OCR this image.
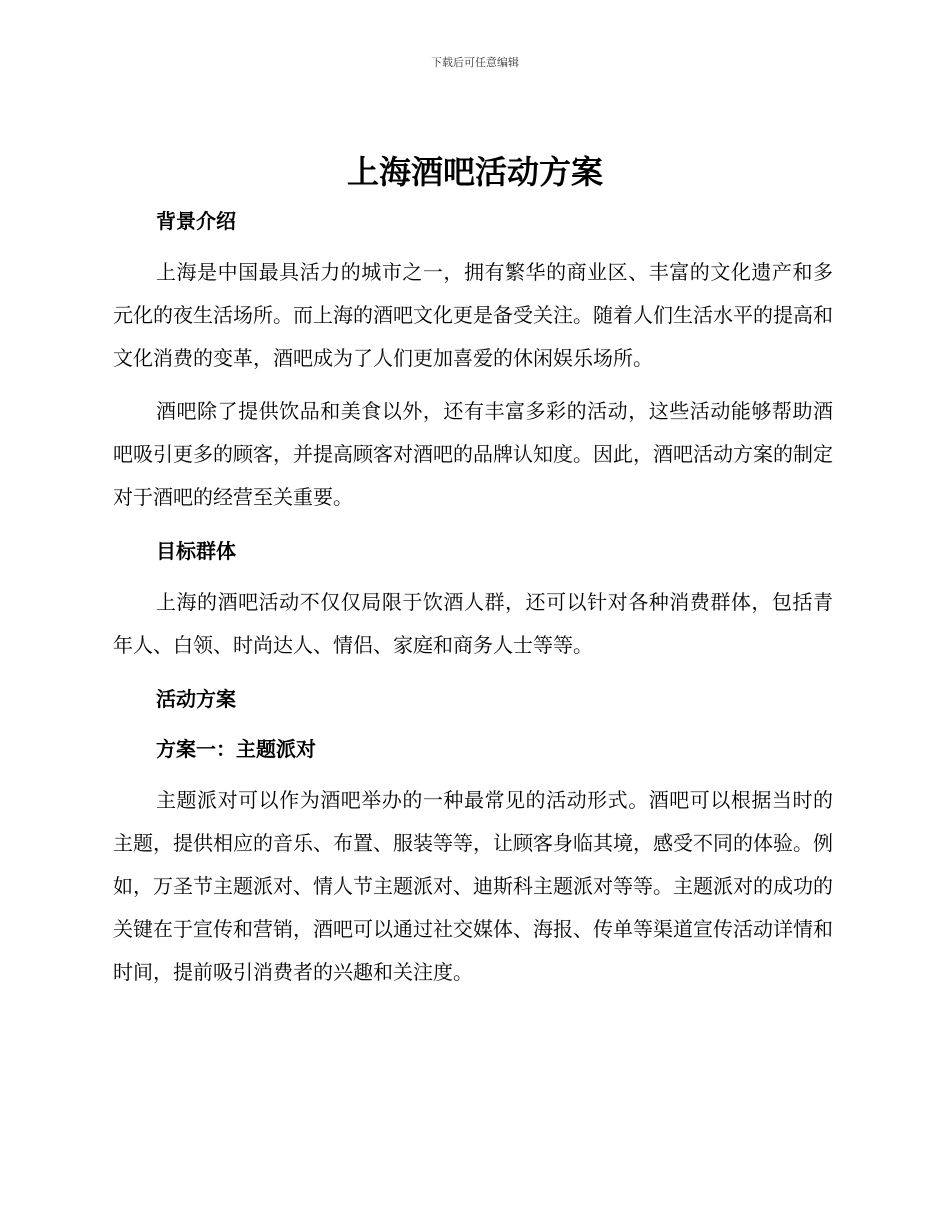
下载后可任意编辑
上海酒吧活动方案
背景介绍

上海是中国最具活力的城市之一，拥有繁华的商业区、丰富的文化遗产和多元化的夜生活场所。而上海的酒吧文化更是备受关注。随着人们生活水平的提高和文化消费的变革，酒吧成为了人们更加喜爱的休闲娱乐场所。

酒吧除了提供饮品和美食以外，还有丰富多彩的活动，这些活动能够帮助酒吧吸引更多的顾客，并提高顾客对酒吧的品牌认知度。因此，酒吧活动方案的制定对于酒吧的经营至关重要。

目标群体

上海的酒吧活动不仅仅局限于饮酒人群，还可以针对各种消费群体，包括青年人、白领、时尚达人、情侣、家庭和商务人士等等。

活动方案
方案一：主题派对

主题派对可以作为酒吧举办的一种最常见的活动形式。酒吧可以根据当时的主题，提供相应的音乐、布置、服装等等，让顾客身临其境，感受不同的体验。例如，万圣节主题派对、情人节主题派对、迪斯科主题派对等等。主题派对的成功的关键在于宣传和营销，酒吧可以通过社交媒体、海报、传单等渠道宣传活动详情和时间，提前吸引消费者的兴趣和关注度。
